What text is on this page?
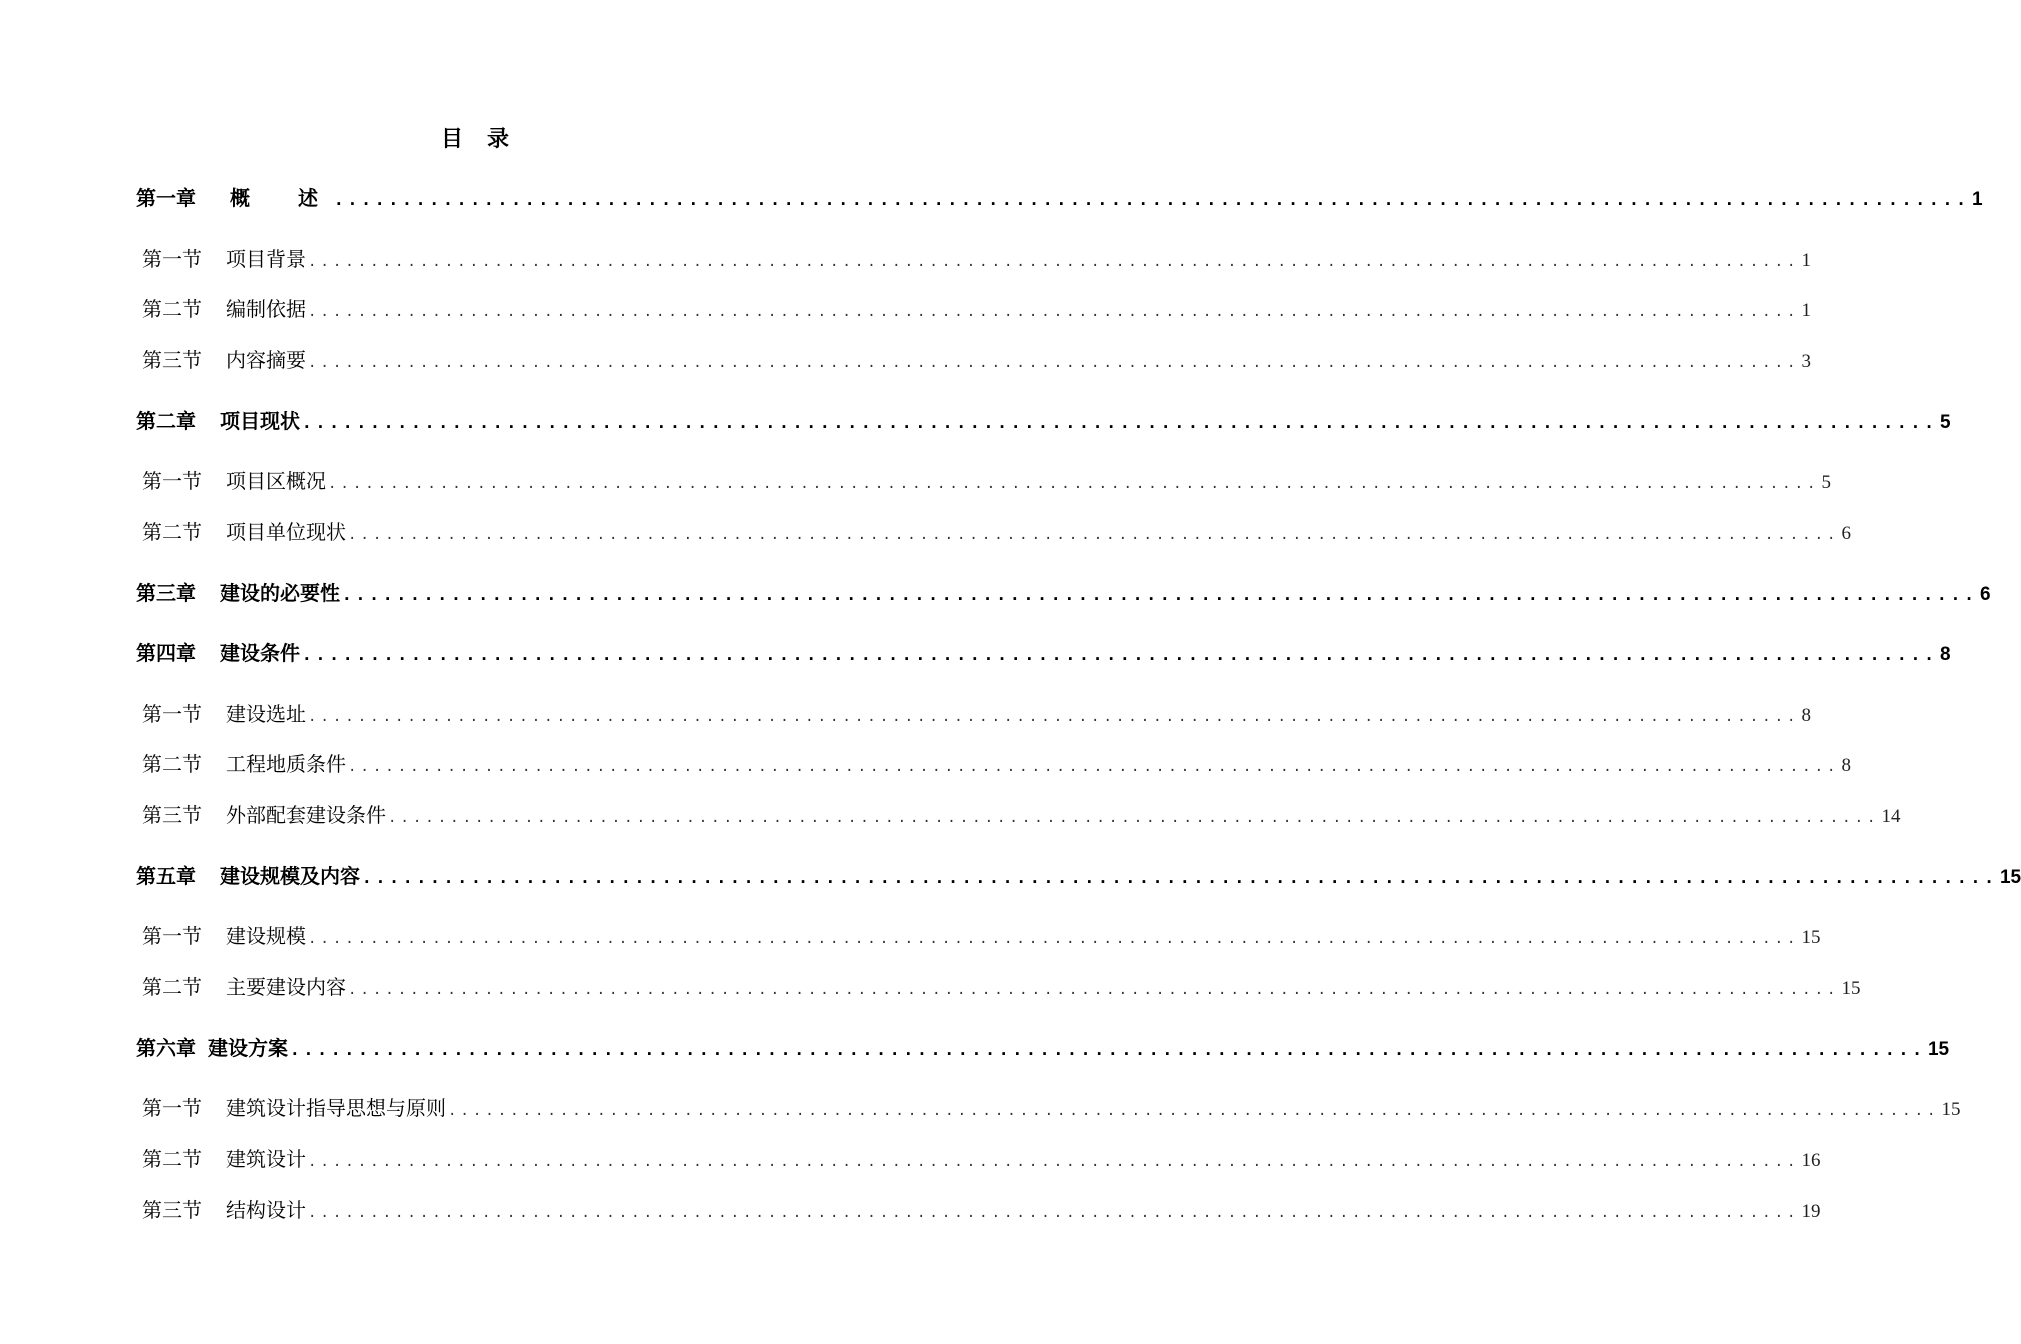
目录
第一章 概　述 ........................................................................................................................ 1
第一节 项目背景 ........................................................................................................................ 1
第二节 编制依据 ........................................................................................................................ 1
第三节 内容摘要 ........................................................................................................................ 3
第二章 项目现状 ........................................................................................................................ 5
第一节 项目区概况 ........................................................................................................................ 5
第二节 项目单位现状 ........................................................................................................................ 6
第三章 建设的必要性 ........................................................................................................................ 6
第四章 建设条件 ........................................................................................................................ 8
第一节 建设选址 ........................................................................................................................ 8
第二节 工程地质条件 ........................................................................................................................ 8
第三节 外部配套建设条件 ........................................................................................................................ 14
第五章 建设规模及内容 ........................................................................................................................ 15
第一节 建设规模 ........................................................................................................................ 15
第二节 主要建设内容 ........................................................................................................................ 15
第六章 建设方案 ........................................................................................................................ 15
第一节 建筑设计指导思想与原则 ........................................................................................................................ 15
第二节 建筑设计 ........................................................................................................................ 16
第三节 结构设计 ........................................................................................................................ 19
